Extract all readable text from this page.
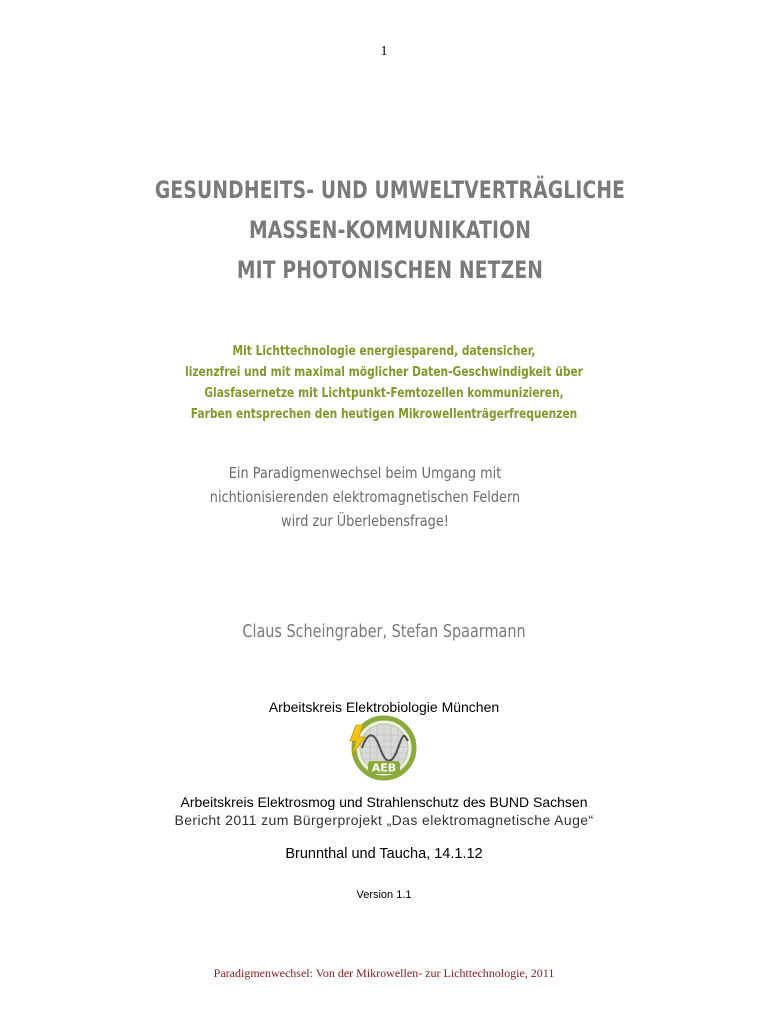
1
GESUNDHEITS- UND UMWELTVERTRÄGLICHE
MASSEN-KOMMUNIKATION
MIT PHOTONISCHEN NETZEN
Mit Lichttechnologie energiesparend, datensicher,
lizenzfrei und mit maximal möglicher Daten-Geschwindigkeit über
Glasfasernetze mit Lichtpunkt-Femtozellen kommunizieren,
Farben entsprechen den heutigen Mikrowellenträgerfrequenzen
Ein Paradigmenwechsel beim Umgang mit
nichtionisierenden elektromagnetischen Feldern
wird zur Überlebensfrage!
Claus Scheingraber, Stefan Spaarmann
Arbeitskreis Elektrobiologie München
AEB
Arbeitskreis Elektrosmog und Strahlenschutz des BUND Sachsen
Bericht 2011 zum Bürgerprojekt „Das elektromagnetische Auge“
Brunnthal und Taucha, 14.1.12
Version 1.1
Paradigmenwechsel: Von der Mikrowellen- zur Lichttechnologie, 2011
